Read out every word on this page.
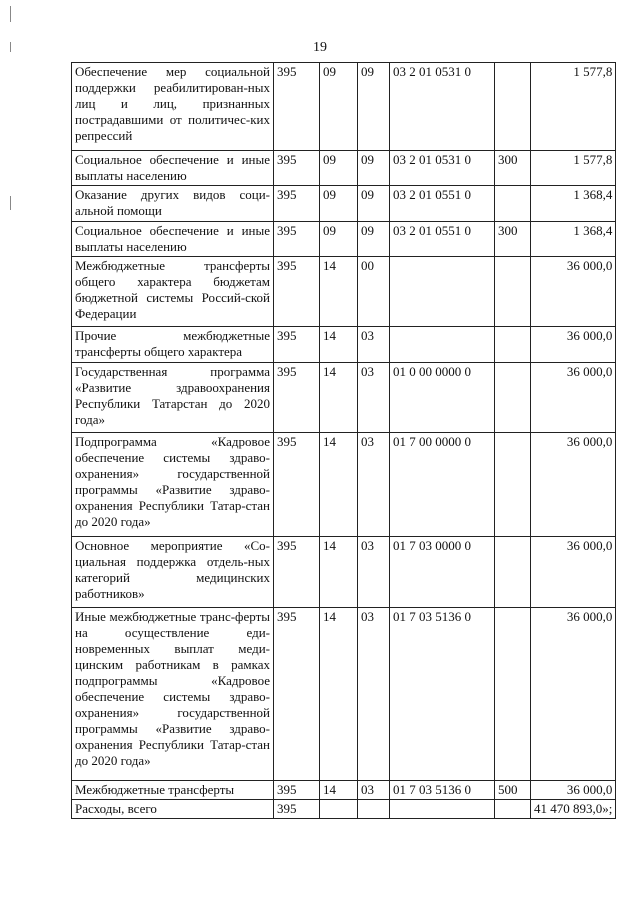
19
Обеспечение мер социальной поддержки реабилитирован-ных лиц и лиц, признанных пострадавшими от политичес-ких репрессий	395	09	09	03 2 01 0531 0		1 577,8
Социальное обеспечение и иные выплаты населению	395	09	09	03 2 01 0531 0	300	1 577,8
Оказание других видов соци-альной помощи	395	09	09	03 2 01 0551 0		1 368,4
Социальное обеспечение и иные выплаты населению	395	09	09	03 2 01 0551 0	300	1 368,4
Межбюджетные трансферты общего характера бюджетам бюджетной системы Россий-ской Федерации	395	14	00			36 000,0
Прочие межбюджетные трансферты общего характера	395	14	03			36 000,0
Государственная программа «Развитие здравоохранения Республики Татарстан до 2020 года»	395	14	03	01 0 00 0000 0		36 000,0
Подпрограмма «Кадровое обеспечение системы здраво-охранения» государственной программы «Развитие здраво-охранения Республики Татар-стан до 2020 года»	395	14	03	01 7 00 0000 0		36 000,0
Основное мероприятие «Со-циальная поддержка отдель-ных категорий медицинских работников»	395	14	03	01 7 03 0000 0		36 000,0
Иные межбюджетные транс-ферты на осуществление еди-новременных выплат меди-цинским работникам в рамках подпрограммы «Кадровое обеспечение системы здраво-охранения» государственной программы «Развитие здраво-охранения Республики Татар-стан до 2020 года»	395	14	03	01 7 03 5136 0		36 000,0
Межбюджетные трансферты	395	14	03	01 7 03 5136 0	500	36 000,0
Расходы, всего	395					41 470 893,0»;
